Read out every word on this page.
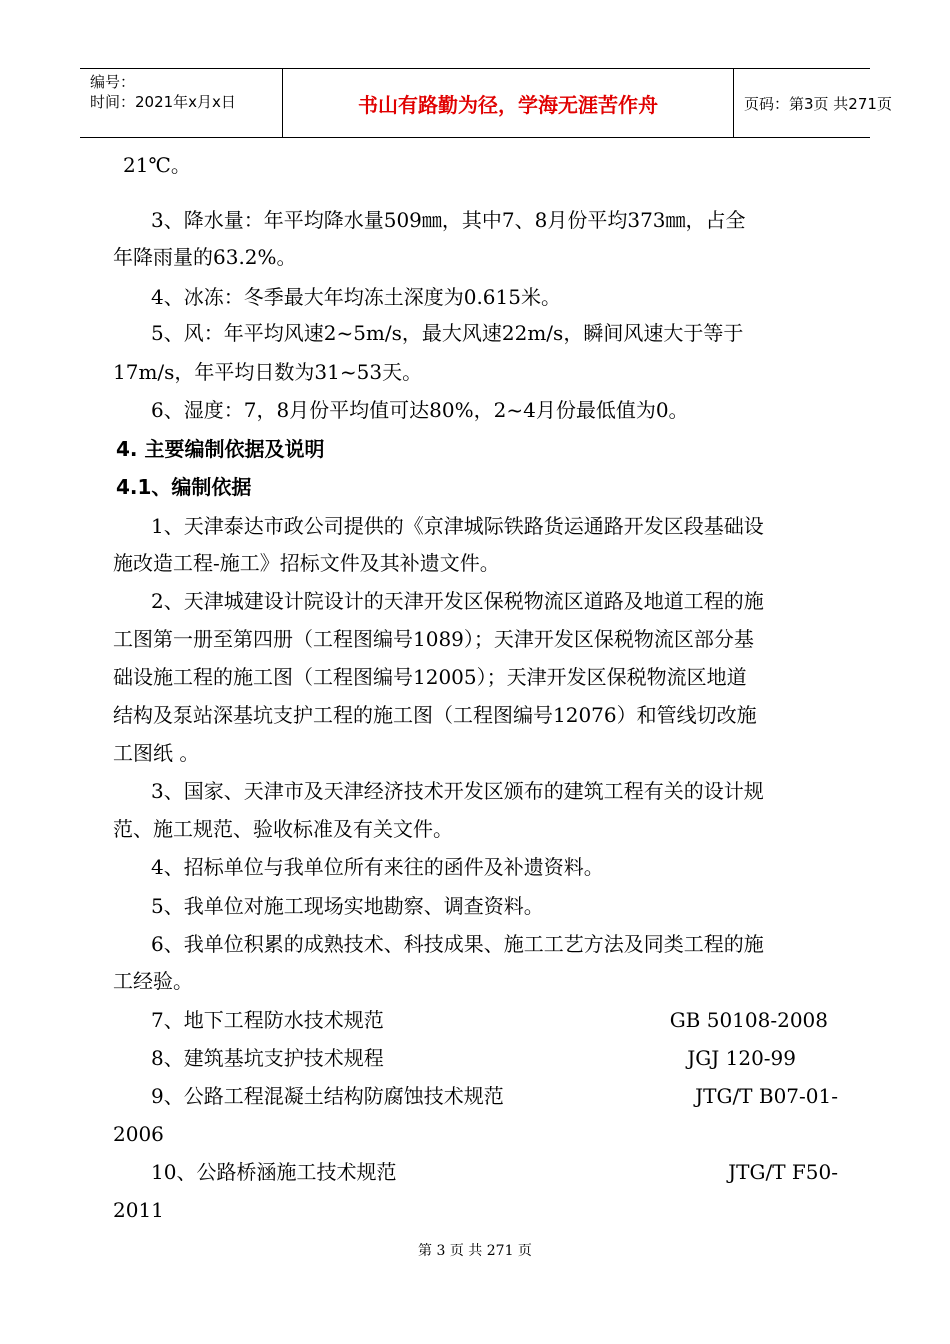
编号：
时间：2021年x月x日	书山有路勤为径，学海无涯苦作舟	页码：第3页 共271页
21℃。
3、降水量：年平均降水量509㎜，其中7、8月份平均373㎜，占全
年降雨量的63.2%。
4、冰冻：冬季最大年均冻土深度为0.615米。
5、风：年平均风速2~5m/s，最大风速22m/s，瞬间风速大于等于
17m/s，年平均日数为31~53天。
6、湿度：7，8月份平均值可达80%，2~4月份最低值为0。
4. 主要编制依据及说明
4.1、编制依据
1、天津泰达市政公司提供的《京津城际铁路货运通路开发区段基础设
施改造工程-施工》招标文件及其补遗文件。
2、天津城建设计院设计的天津开发区保税物流区道路及地道工程的施
工图第一册至第四册（工程图编号1089）；天津开发区保税物流区部分基
础设施工程的施工图（工程图编号12005）；天津开发区保税物流区地道
结构及泵站深基坑支护工程的施工图（工程图编号12076）和管线切改施
工图纸 。
3、国家、天津市及天津经济技术开发区颁布的建筑工程有关的设计规
范、施工规范、验收标准及有关文件。
4、招标单位与我单位所有来往的函件及补遗资料。
5、我单位对施工现场实地勘察、调查资料。
6、我单位积累的成熟技术、科技成果、施工工艺方法及同类工程的施
工经验。
7、地下工程防水技术规范	GB 50108-2008
8、建筑基坑支护技术规程	JGJ 120-99
9、公路工程混凝土结构防腐蚀技术规范	JTG/T B07-01-
2006
10、公路桥涵施工技术规范	JTG/T F50-
2011
第 3 页 共 271 页
